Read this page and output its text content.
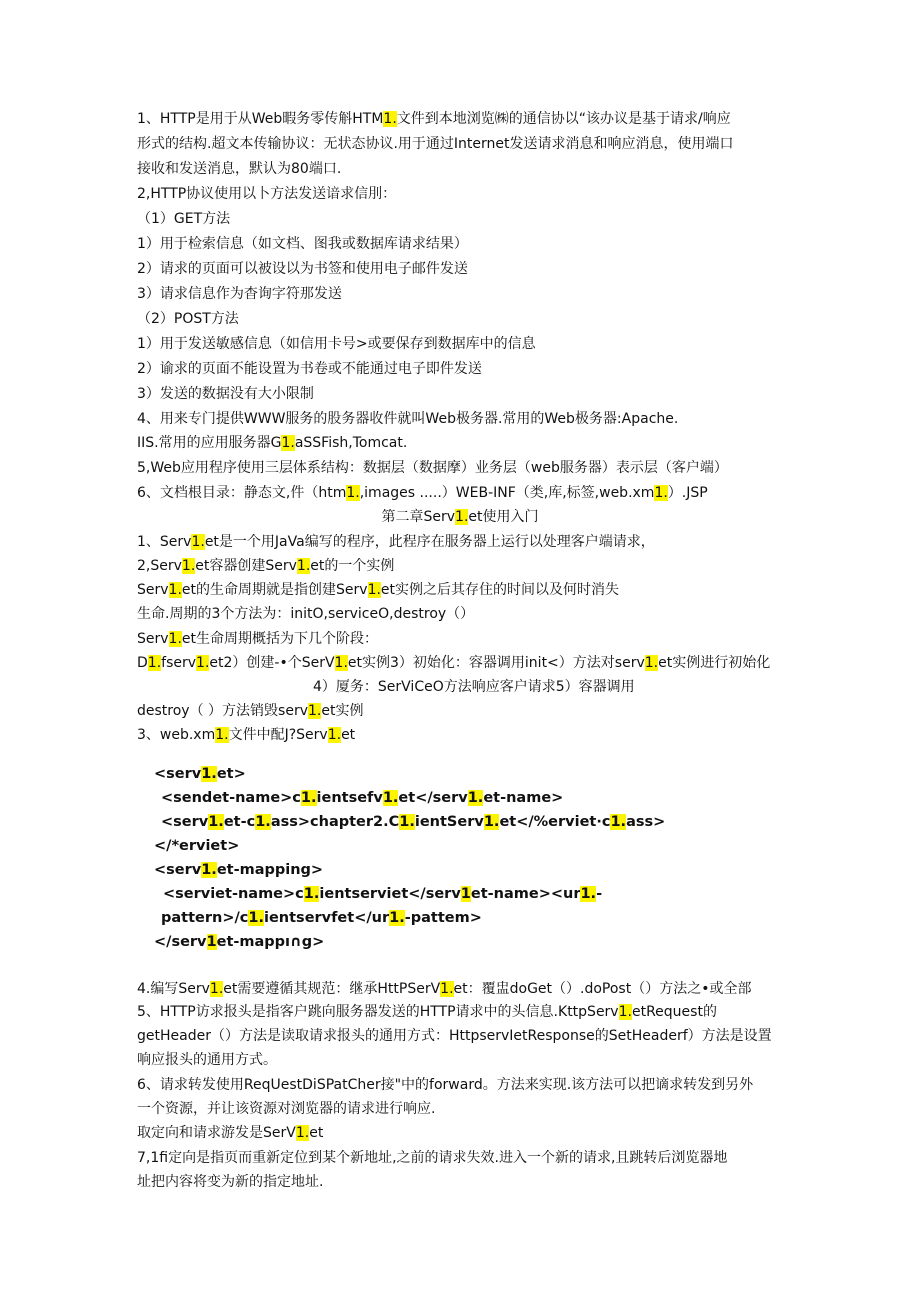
1、HTTP是用于从Web暇务零传斛HTM1.文件到本地浏览㈱的通信协以“该办议是基于请求/响应
形式的结构.超文本传输协议：无状态协议.用于通过Internet发送请求消息和响应消息，使用端口
接收和发送消息，默认为80端口.
2,HTTP协议使用以卜方法发送谙求信刖：
（1）GET方法
1）用于检索信息（如文档、图我或数据库请求结果）
2）请求的页面可以被设以为书签和使用电子邮件发送
3）请求信息作为杳询字符那发送
（2）POST方法
1）用于发送敏感信息（如信用卡号>或要保存到数据库中的信息
2）谕求的页面不能设置为书卷或不能通过电子即件发送
3）发送的数据没有大小限制
4、用来专门提供WWW服务的股务器收件就叫Web极务器.常用的Web极务器:Apache.
IIS.常用的应用服务器G1.aSSFish,Tomcat.
5,Web应用程序使用三层体系结构：数据层（数据摩）业务层（web服务器）表示层（客户端）
6、文档根目录：静态文,件（htm1.,images .....）WEB-INF（类,库,标签,web.xm1.）.JSP
第二章Serv1.et使用入门
1、Serv1.et是一个用JaVa编写的程序，此程序在服务器上运行以处理客户端请求，
2,Serv1.et容器创建Serv1.et的一个实例
Serv1.et的生命周期就是指创建Serv1.et实例之后其存住的时间以及何时消失
生命.周期的3个方法为：initO,serviceO,destroy（）
Serv1.et生命周期概括为下几个阶段：
D1.fserv1.et2）创建-•个SerV1.et实例3）初始化：容器调用init<）方法对serv1.et实例进行初始化
4）厦务：SerViCeO方法响应客户请求5）容器调用
destroy（ ）方法销毁serv1.et实例
3、web.xm1.文件中配J?Serv1.et
<serv1.et>
<sendet-name>c1.ientsefv1.et</serv1.et-name>
<serv1.et-c1.ass>chapter2.C1.ientServ1.et</%erviet·c1.ass>
</*erviet>
<serv1.et-mapping>
<serviet-name>c1.ientserviet</serv1et-name><ur1.-
pattern>/c1.ientservfet</ur1.-pattem>
</serv1et-mappı∩g>
4.编写Serv1.et需要遵循其规范：继承HttPSerV1.et：覆盅doGet（）.doPost（）方法之•或全部
5、HTTP访求报头是指客户跳向服务器发送的HTTP请求中的头信息.KttpServ1.etRequest的
getHeader（）方法是读取请求报头的通用方式：HttpservIetResponse的SetHeaderf）方法是设置
响应报头的通用方式。
6、请求转发使用ReqUestDiSPatCher接"中的forward。方法来实现.该方法可以把谪求转发到另外
一个资源，并让该资源对浏览器的请求进行响应.
取定向和请求游发是SerV1.et
7,1fi定向是指页而重新定位到某个新地址,之前的请求失效.进入一个新的请求,且跳转后浏览器地
址把内容将变为新的指定地址.
